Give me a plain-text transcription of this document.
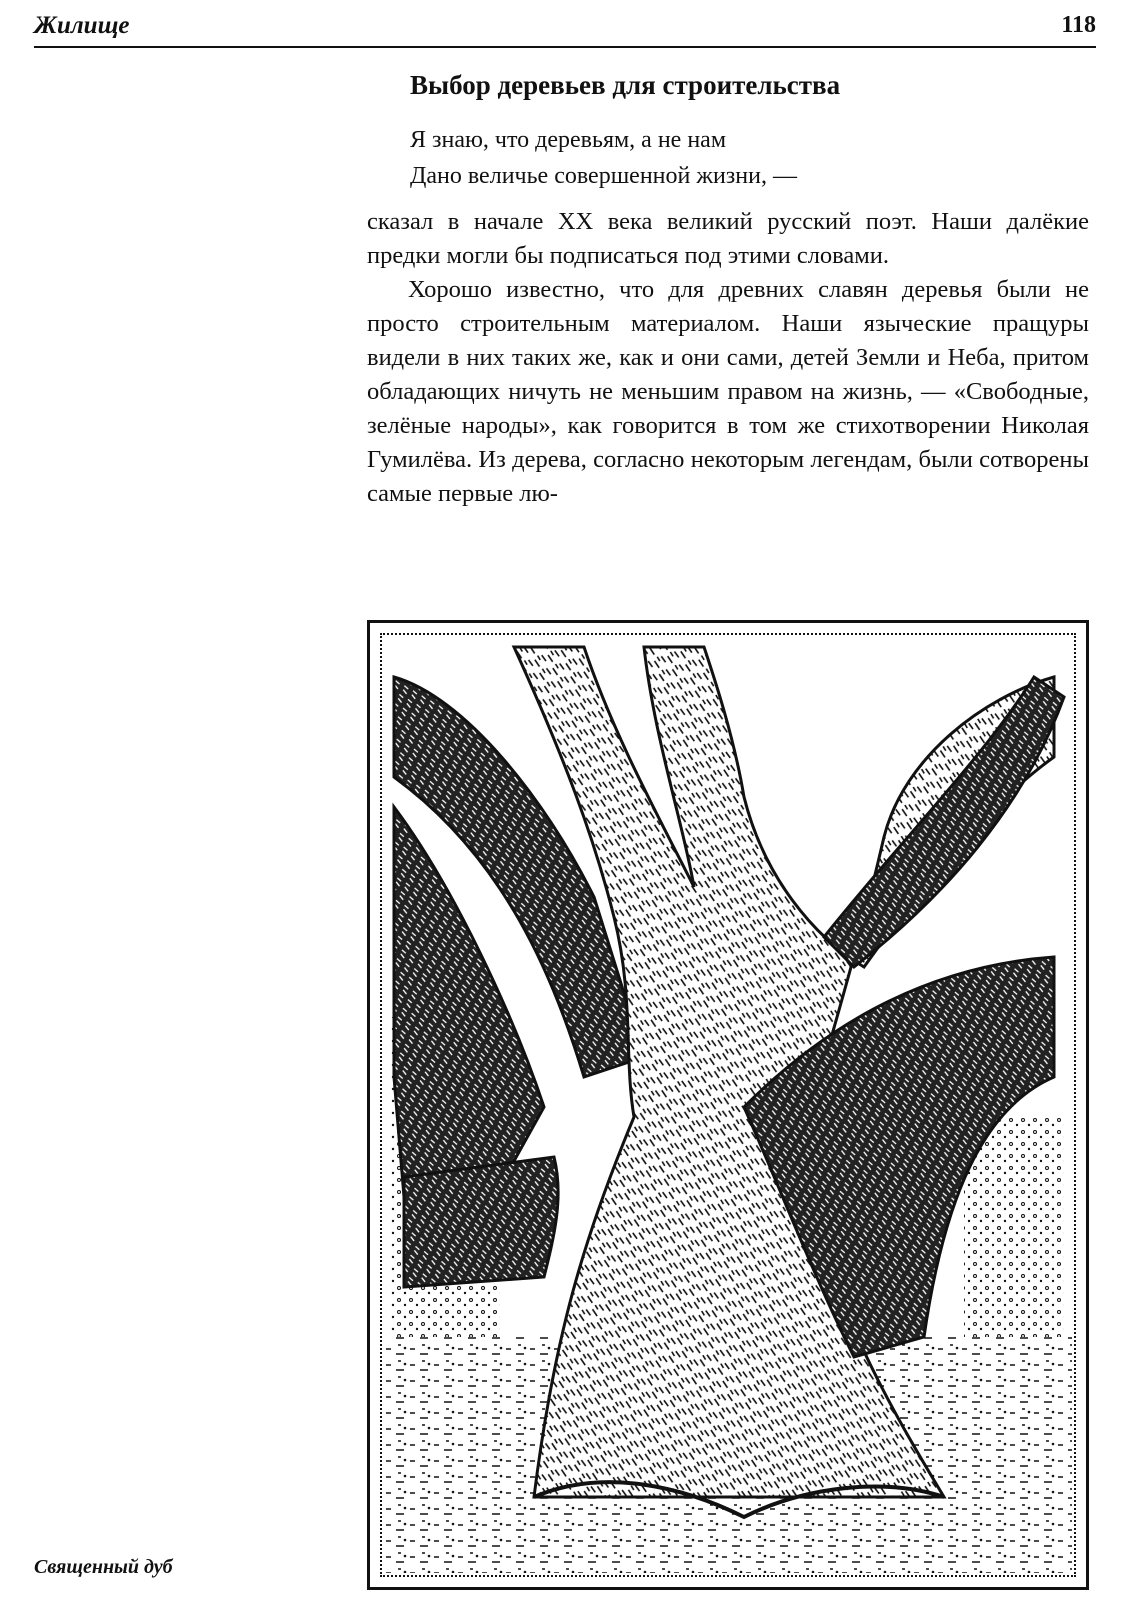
Жилище	118
Выбор деревьев для строительства
Я знаю, что деревьям, а не нам
Дано величье совершенной жизни, —

сказал в начале XX века великий русский поэт. Наши далёкие предки могли бы подписаться под этими словами.

Хорошо известно, что для древних славян деревья были не просто строительным материалом. Наши языческие пращуры видели в них таких же, как и они сами, детей Земли и Неба, притом обладающих ничуть не меньшим правом на жизнь, — «Свободные, зелёные народы», как говорится в том же стихотворении Николая Гумилёва. Из дерева, согласно некоторым легендам, были сотворены самые первые лю-

Священный дуб
